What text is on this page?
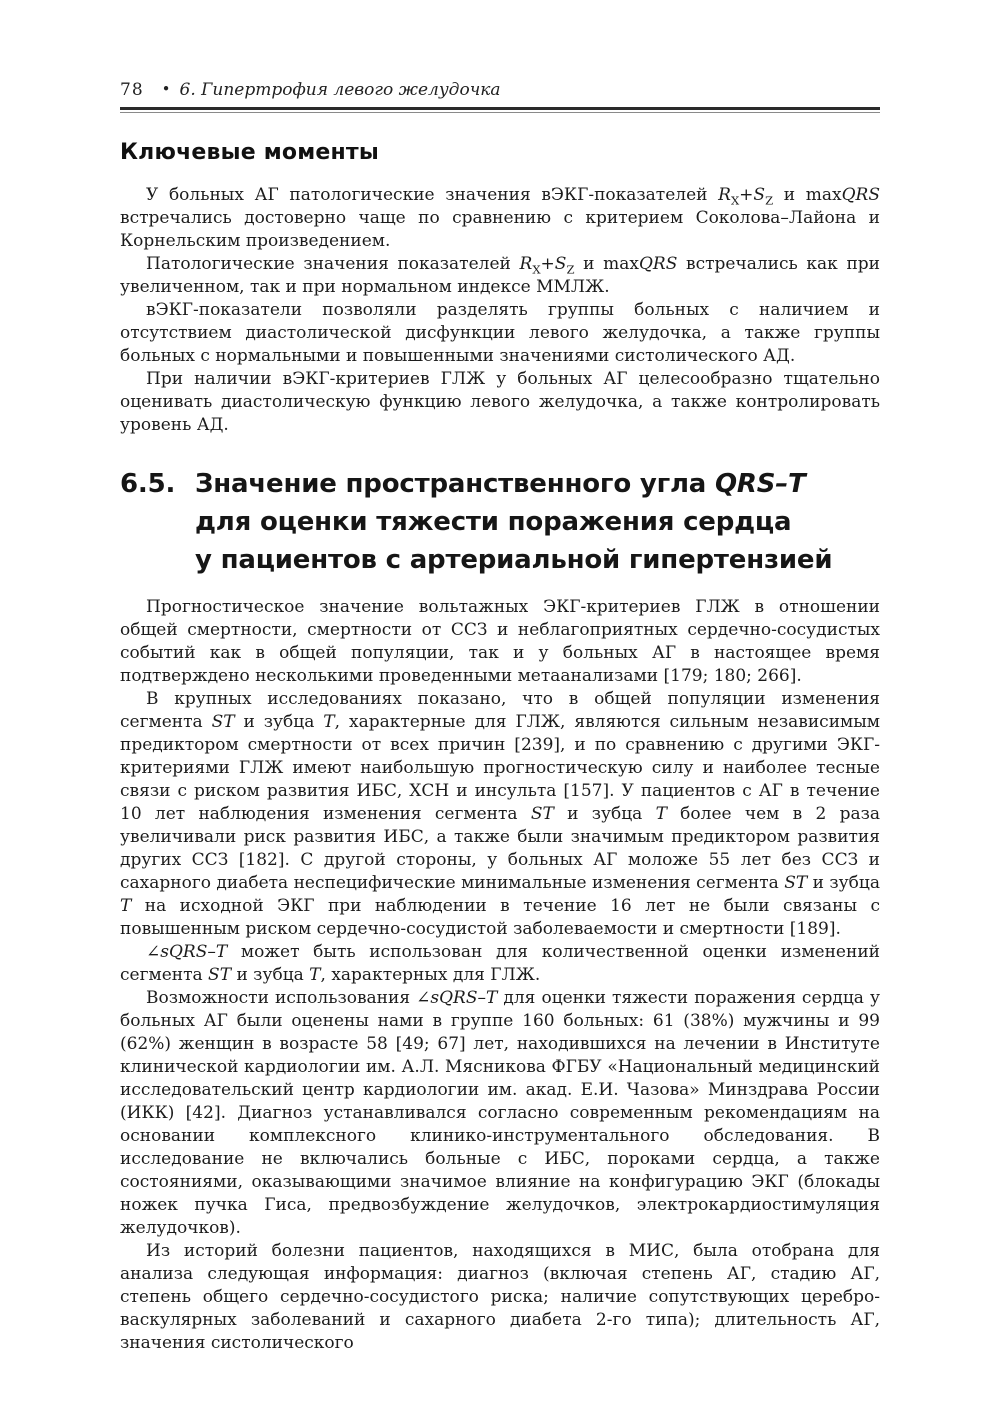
78 • 6. Гипертрофия левого желудочка
Ключевые моменты

У больных АГ патологические значения вЭКГ-показателей $R_X+S_Z$ и maxQRS встречались достоверно чаще по сравнению с критерием Соколова–Лайона и Корнельским произведением.

Патологические значения показателей $R_X+S_Z$ и maxQRS встречались как при увеличенном, так и при нормальном индексе ММЛЖ.

вЭКГ-показатели позволяли разделять группы больных с наличием и отсутствием диастолической дисфункции левого желудочка, а также группы больных с нормальными и повышенными значениями систолического АД.

При наличии вЭКГ-критериев ГЛЖ у больных АГ целесообразно тщательно оценивать диастолическую функцию левого желудочка, а также контролировать уровень АД.

6.5. Значение пространственного угла QRS–T
для оценки тяжести поражения сердца
у пациентов с артериальной гипертензией

Прогностическое значение вольтажных ЭКГ-критериев ГЛЖ в отношении общей смертности, смертности от ССЗ и неблагоприятных сердечно-сосудистых событий как в общей популяции, так и у больных АГ в настоящее время подтверждено несколькими проведенными метаанализами [179; 180; 266].

В крупных исследованиях показано, что в общей популяции изменения сегмента ST и зубца T, характерные для ГЛЖ, являются сильным независимым предиктором смертности от всех причин [239], и по сравнению с другими ЭКГ-критериями ГЛЖ имеют наибольшую прогностическую силу и наиболее тесные связи с риском развития ИБС, ХСН и инсульта [157]. У пациентов с АГ в течение 10 лет наблюдения изменения сегмента ST и зубца T более чем в 2 раза увеличивали риск развития ИБС, а также были значимым предиктором развития других ССЗ [182]. С другой стороны, у больных АГ моложе 55 лет без ССЗ и сахарного диабета неспецифические минимальные изменения сегмента ST и зубца T на исходной ЭКГ при наблюдении в течение 16 лет не были связаны с повышенным риском сердечно-сосудистой заболеваемости и смертности [189].

∠sQRS–T может быть использован для количественной оценки изменений сегмента ST и зубца T, характерных для ГЛЖ.

Возможности использования ∠sQRS–T для оценки тяжести поражения сердца у больных АГ были оценены нами в группе 160 больных: 61 (38%) мужчины и 99 (62%) женщин в возрасте 58 [49; 67] лет, находившихся на лечении в Институте клинической кардиологии им. А.Л. Мясникова ФГБУ «Национальный медицинский исследовательский центр кардиологии им. акад. Е.И. Чазова» Минздрава России (ИКК) [42]. Диагноз устанавливался согласно современным рекомендациям на основании комплексного клинико-инструментального обследования. В исследование не включались больные с ИБС, пороками сердца, а также состояниями, оказывающими значимое влияние на конфигурацию ЭКГ (блокады ножек пучка Гиса, предвозбуждение желудочков, электрокардиостимуляция желудочков).

Из историй болезни пациентов, находящихся в МИС, была отобрана для анализа следующая информация: диагноз (включая степень АГ, стадию АГ, степень общего сердечно-сосудистого риска; наличие сопутствующих церебро-васкулярных заболеваний и сахарного диабета 2-го типа); длительность АГ, значения систолического
